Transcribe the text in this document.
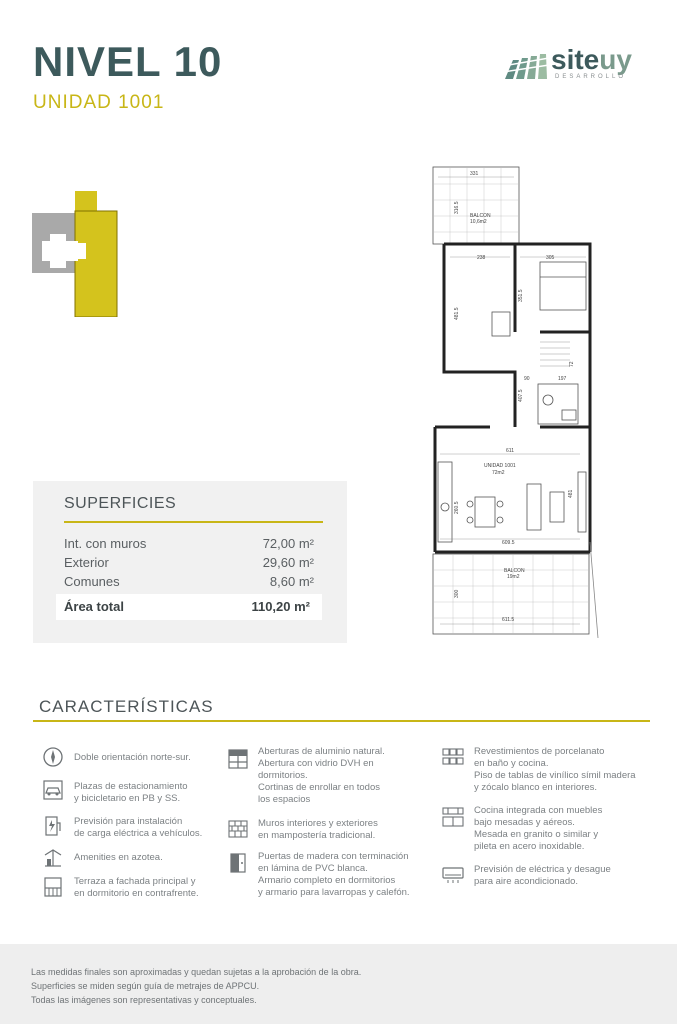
NIVEL 10
UNIDAD 1001
siteuy
DESARROLLO
331
316.5
BALCON
10,6m2
238	305
481.5
351.5
90	197
72
407.5
611
UNIDAD 1001
72m2
260.5
481
609.5
BALCON
19m2
300
611.5
SUPERFICIES
Int. con muros	72,00 m²
Exterior	29,60 m²
Comunes	8,60 m²
Área total	110,20 m²
CARACTERÍSTICAS
Doble orientación norte-sur.
Plazas de estacionamiento
y bicicletario en PB y SS.
Previsión para instalación
de carga eléctrica a vehículos.
Amenities en azotea.
Terraza a fachada principal y
en dormitorio en contrafrente.
Aberturas de aluminio natural.
Abertura con vidrio DVH en
dormitorios.
Cortinas de enrollar en todos
los espacios
Muros interiores y exteriores
en mampostería tradicional.
Puertas de madera con terminación
en lámina de PVC blanca.
Armario completo en dormitorios
y armario para lavarropas y calefón.
Revestimientos de porcelanato
en baño y cocina.
Piso de tablas de vinílico símil madera
y zócalo blanco en interiores.
Cocina integrada con muebles
bajo mesadas y aéreos.
Mesada en granito o similar y
pileta en acero inoxidable.
Previsión de eléctrica y desague
para aire acondicionado.
Las medidas finales son aproximadas y quedan sujetas a la aprobación de la obra.
Superficies se miden según guía de metrajes de APPCU.
Todas las imágenes son representativas y conceptuales.
